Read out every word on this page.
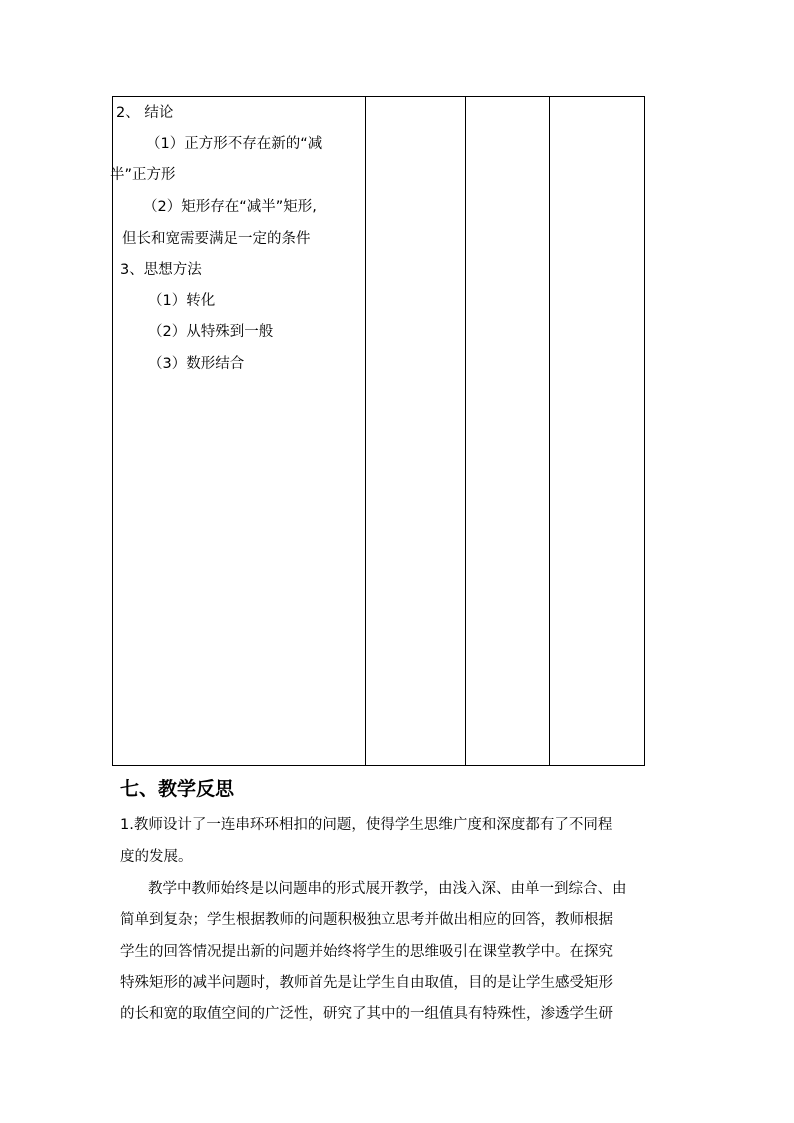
2、 结论
（1）正方形不存在新的“减
半”正方形
（2）矩形存在“减半”矩形,
但长和宽需要满足一定的条件
3、思想方法
（1）转化
（2）从特殊到一般
（3）数形结合
七、教学反思
1.教师设计了一连串环环相扣的问题，使得学生思维广度和深度都有了不同程
度的发展。
教学中教师始终是以问题串的形式展开教学，由浅入深、由单一到综合、由
简单到复杂；学生根据教师的问题积极独立思考并做出相应的回答，教师根据
学生的回答情况提出新的问题并始终将学生的思维吸引在课堂教学中。在探究
特殊矩形的减半问题时，教师首先是让学生自由取值，目的是让学生感受矩形
的长和宽的取值空间的广泛性，研究了其中的一组值具有特殊性，渗透学生研
